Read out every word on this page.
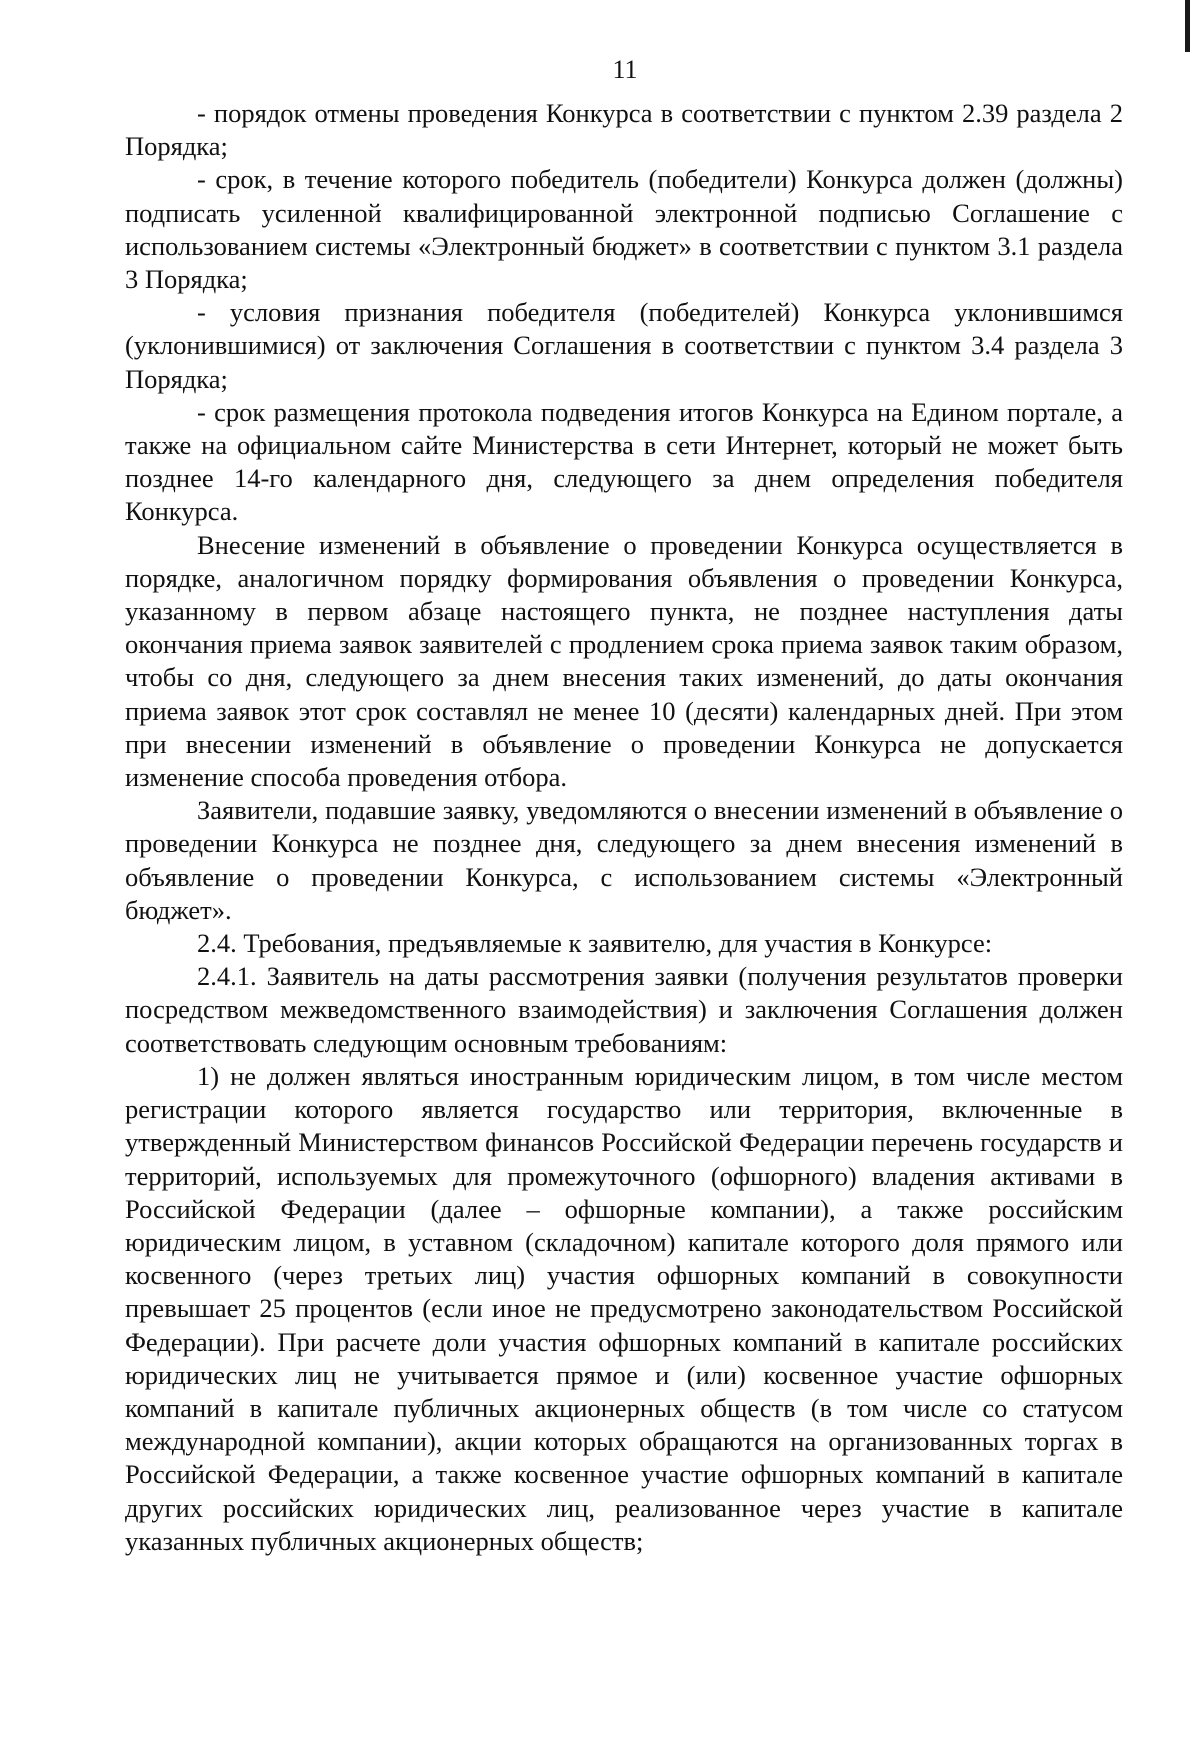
11

- порядок отмены проведения Конкурса в соответствии с пунктом 2.39 раздела 2 Порядка;

- срок, в течение которого победитель (победители) Конкурса должен (должны) подписать усиленной квалифицированной электронной подписью Соглашение с использованием системы «Электронный бюджет» в соответствии с пунктом 3.1 раздела 3 Порядка;

- условия признания победителя (победителей) Конкурса уклонившимся (уклонившимися) от заключения Соглашения в соответствии с пунктом 3.4 раздела 3 Порядка;

- срок размещения протокола подведения итогов Конкурса на Едином портале, а также на официальном сайте Министерства в сети Интернет, который не может быть позднее 14-го календарного дня, следующего за днем определения победителя Конкурса.

Внесение изменений в объявление о проведении Конкурса осуществляется в порядке, аналогичном порядку формирования объявления о проведении Конкурса, указанному в первом абзаце настоящего пункта, не позднее наступления даты окончания приема заявок заявителей с продлением срока приема заявок таким образом, чтобы со дня, следующего за днем внесения таких изменений, до даты окончания приема заявок этот срок составлял не менее 10 (десяти) календарных дней. При этом при внесении изменений в объявление о проведении Конкурса не допускается изменение способа проведения отбора.

Заявители, подавшие заявку, уведомляются о внесении изменений в объявление о проведении Конкурса не позднее дня, следующего за днем внесения изменений в объявление о проведении Конкурса, с использованием системы «Электронный бюджет».

2.4. Требования, предъявляемые к заявителю, для участия в Конкурсе:

2.4.1. Заявитель на даты рассмотрения заявки (получения результатов проверки посредством межведомственного взаимодействия) и заключения Соглашения должен соответствовать следующим основным требованиям:

1) не должен являться иностранным юридическим лицом, в том числе местом регистрации которого является государство или территория, включенные в утвержденный Министерством финансов Российской Федерации перечень государств и территорий, используемых для промежуточного (офшорного) владения активами в Российской Федерации (далее – офшорные компании), а также российским юридическим лицом, в уставном (складочном) капитале которого доля прямого или косвенного (через третьих лиц) участия офшорных компаний в совокупности превышает 25 процентов (если иное не предусмотрено законодательством Российской Федерации). При расчете доли участия офшорных компаний в капитале российских юридических лиц не учитывается прямое и (или) косвенное участие офшорных компаний в капитале публичных акционерных обществ (в том числе со статусом международной компании), акции которых обращаются на организованных торгах в Российской Федерации, а также косвенное участие офшорных компаний в капитале других российских юридических лиц, реализованное через участие в капитале указанных публичных акционерных обществ;
